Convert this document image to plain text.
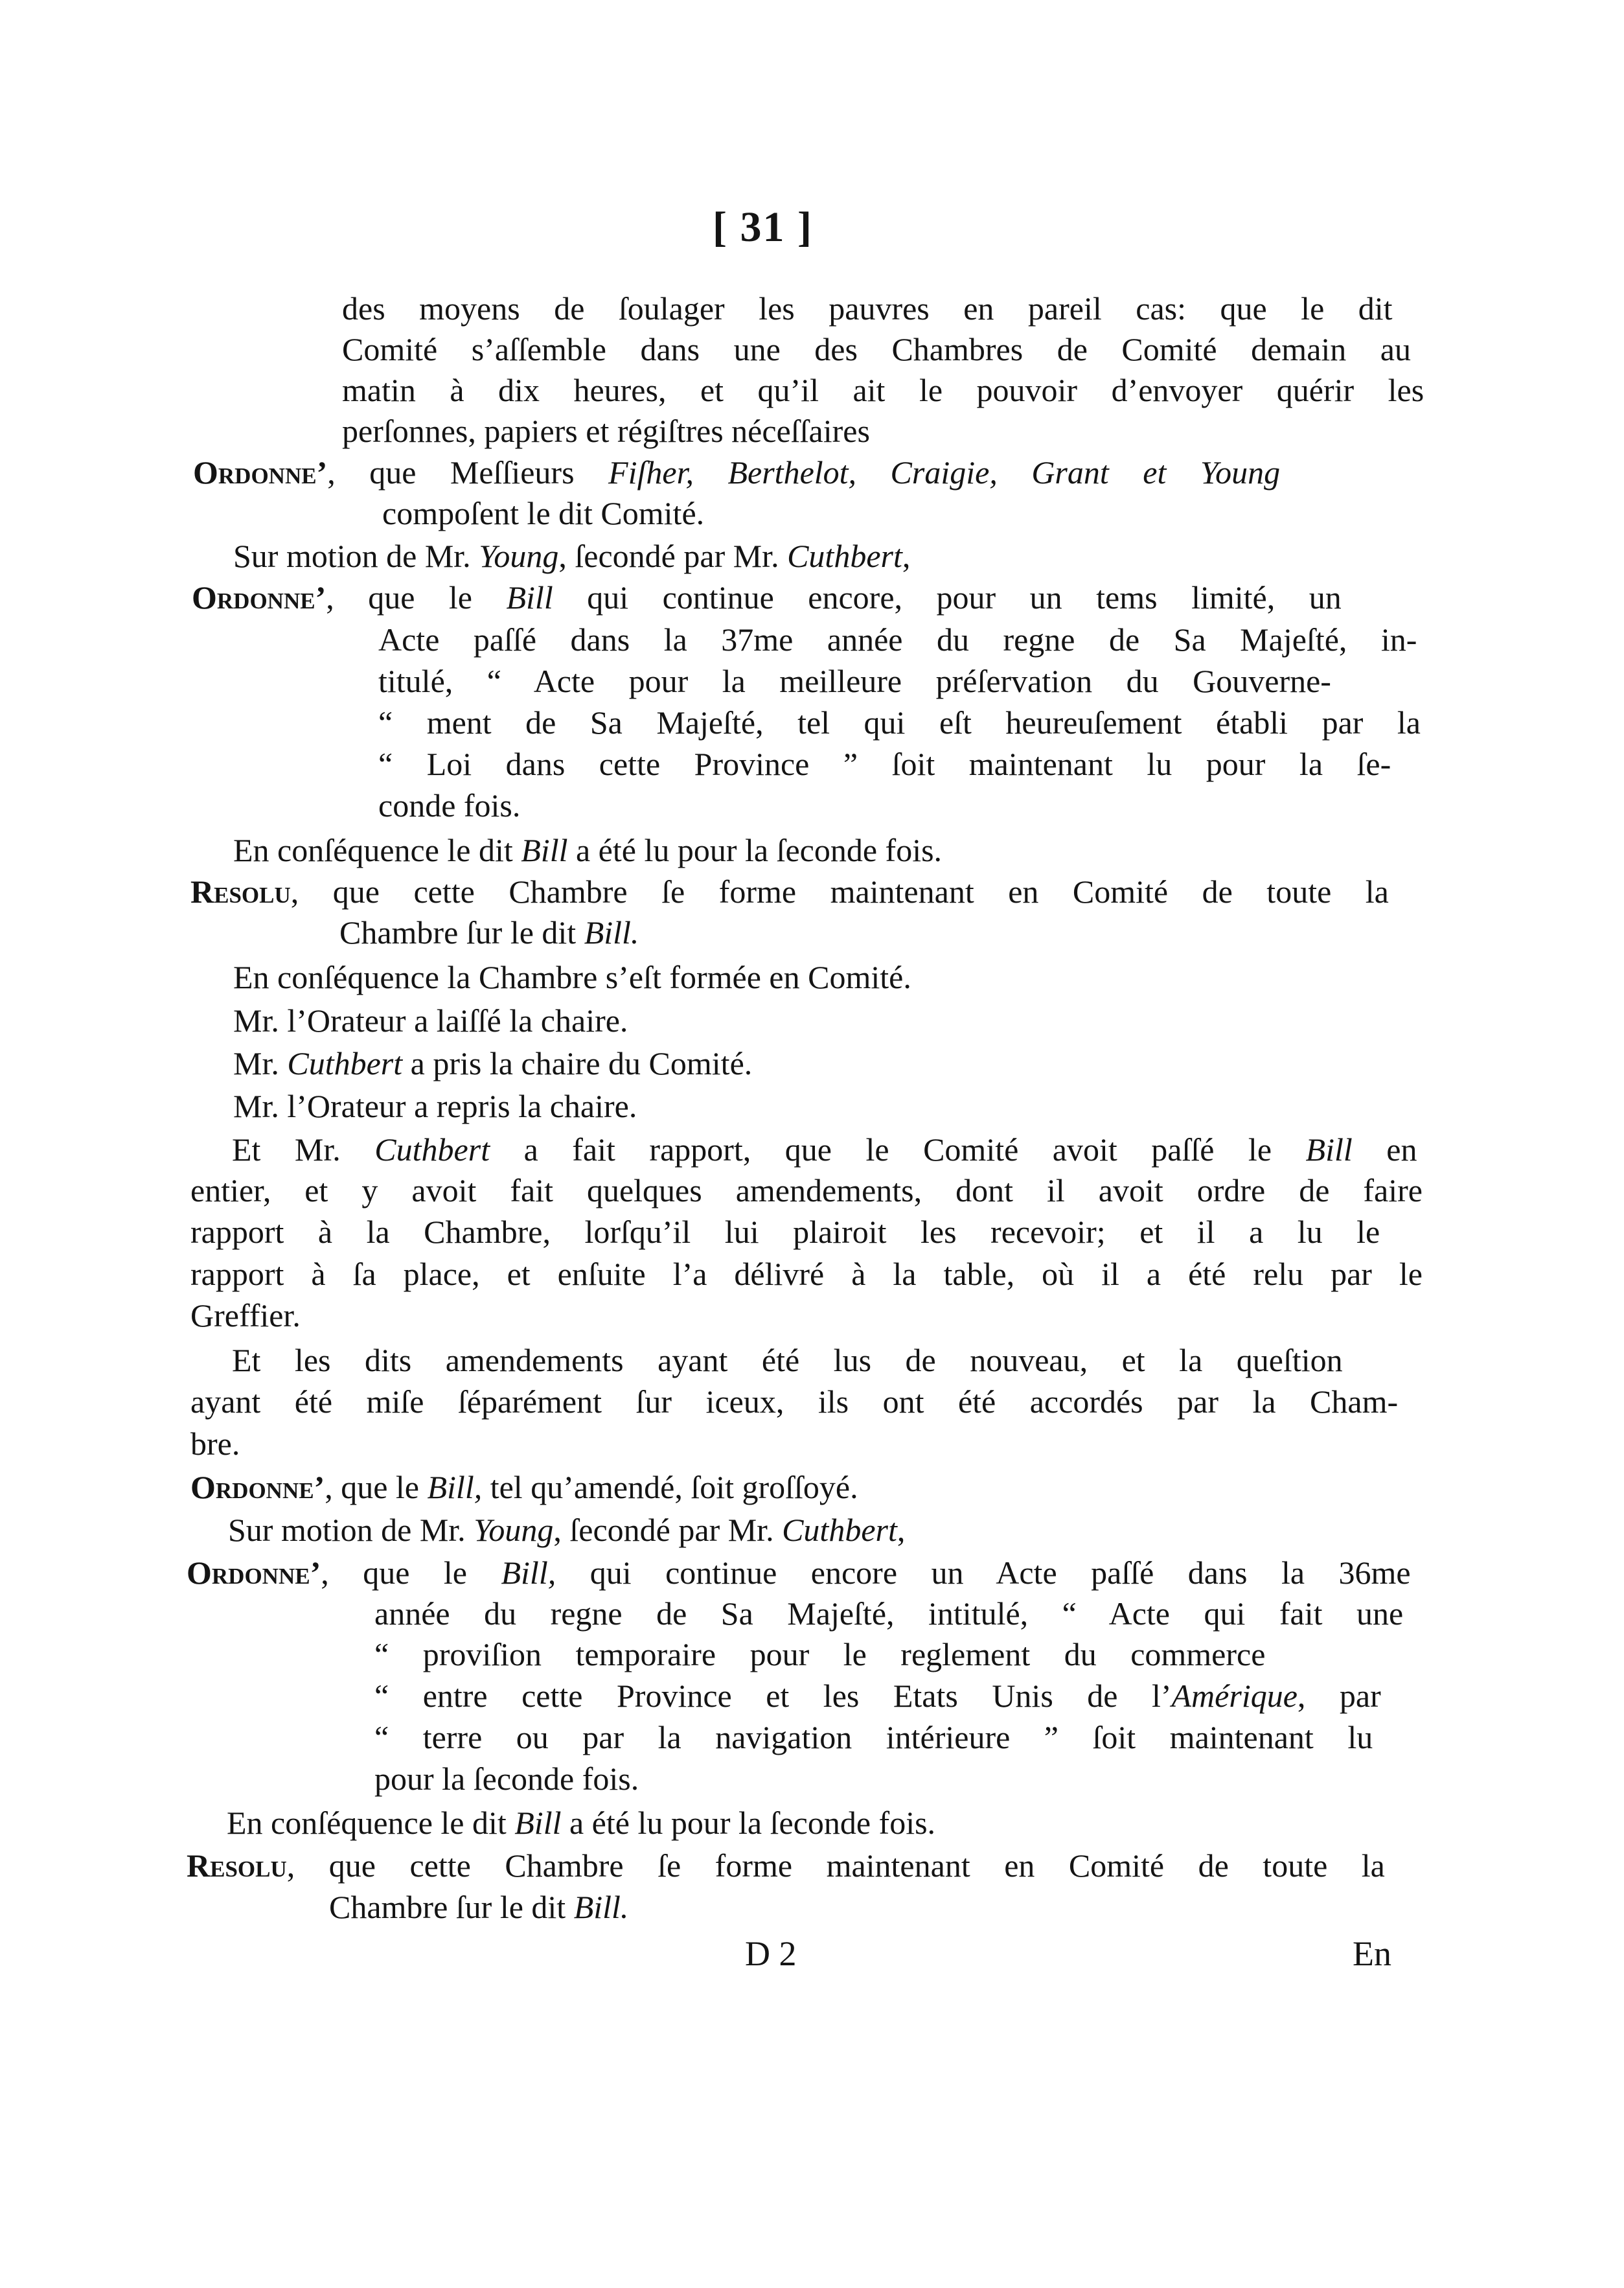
[ 31 ]
des moyens de ſoulager les pauvres en pareil cas: que le dit
Comité s’aſſemble dans une des Chambres de Comité demain au
matin à dix heures, et qu’il ait le pouvoir d’envoyer quérir les
perſonnes, papiers et régiſtres néceſſaires
Ordonne’, que Meſſieurs Fiſher, Berthelot, Craigie, Grant et Young
compoſent le dit Comité.
Sur motion de Mr. Young, ſecondé par Mr. Cuthbert,
Ordonne’, que le Bill qui continue encore, pour un tems limité, un
Acte paſſé dans la 37me année du regne de Sa Majeſté, in-
titulé, “ Acte pour la meilleure préſervation du Gouverne-
“ ment de Sa Majeſté, tel qui eſt heureuſement établi par la
“ Loi dans cette Province ” ſoit maintenant lu pour la ſe-
conde fois.
En conſéquence le dit Bill a été lu pour la ſeconde fois.
Resolu, que cette Chambre ſe forme maintenant en Comité de toute la
Chambre ſur le dit Bill.
En conſéquence la Chambre s’eſt formée en Comité.
Mr. l’Orateur a laiſſé la chaire.
Mr. Cuthbert a pris la chaire du Comité.
Mr. l’Orateur a repris la chaire.
Et Mr. Cuthbert a fait rapport, que le Comité avoit paſſé le Bill en
entier, et y avoit fait quelques amendements, dont il avoit ordre de faire
rapport à la Chambre, lorſqu’il lui plairoit les recevoir; et il a lu le
rapport à ſa place, et enſuite l’a délivré à la table, où il a été relu par le
Greffier.
Et les dits amendements ayant été lus de nouveau, et la queſtion
ayant été miſe ſéparément ſur iceux, ils ont été accordés par la Cham-
bre.
Ordonne’, que le Bill, tel qu’amendé, ſoit groſſoyé.
Sur motion de Mr. Young, ſecondé par Mr. Cuthbert,
Ordonne’, que le Bill, qui continue encore un Acte paſſé dans la 36me
année du regne de Sa Majeſté, intitulé, “ Acte qui fait une
“ proviſion temporaire pour le reglement du commerce
“ entre cette Province et les Etats Unis de l’Amérique, par
“ terre ou par la navigation intérieure ” ſoit maintenant lu
pour la ſeconde fois.
En conſéquence le dit Bill a été lu pour la ſeconde fois.
Resolu, que cette Chambre ſe forme maintenant en Comité de toute la
Chambre ſur le dit Bill.
D 2	En
